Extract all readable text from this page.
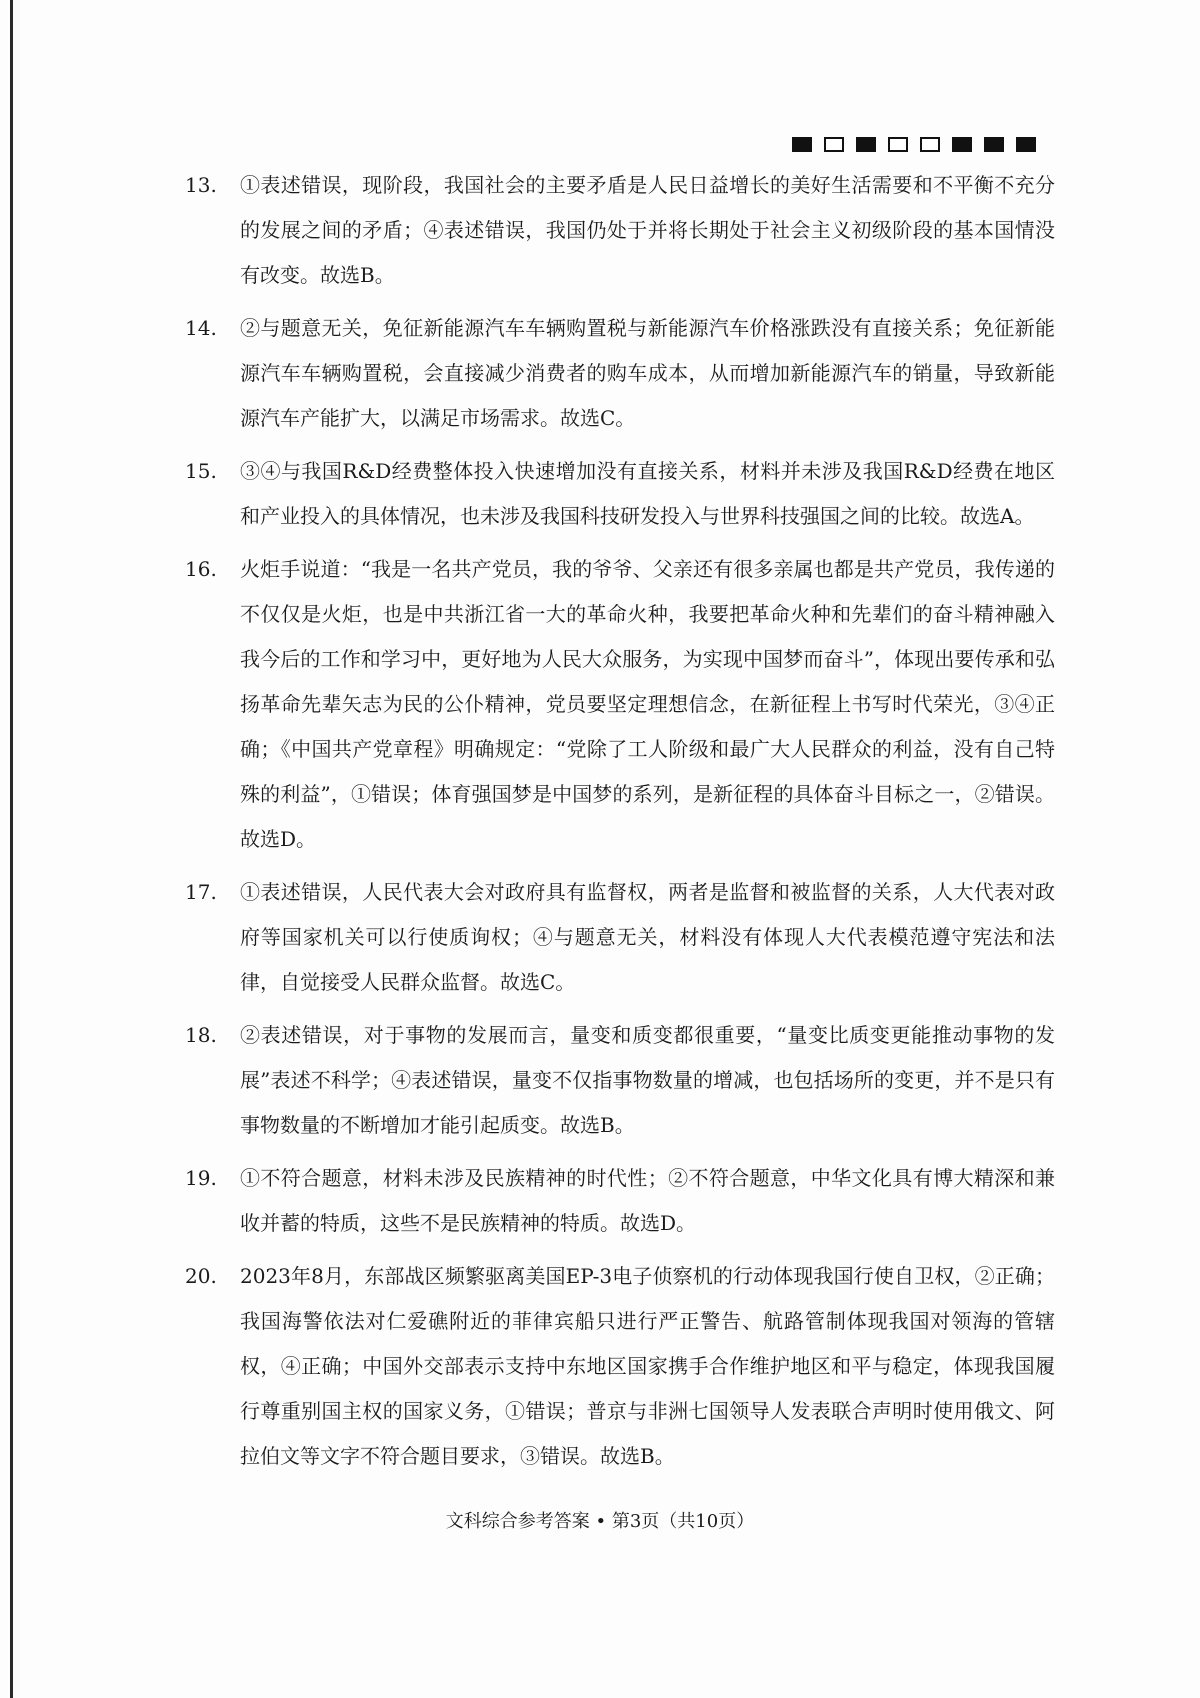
13.	①表述错误，现阶段，我国社会的主要矛盾是人民日益增长的美好生活需要和不平衡不充分的发展之间的矛盾；④表述错误，我国仍处于并将长期处于社会主义初级阶段的基本国情没有改变。故选B。
14.	②与题意无关，免征新能源汽车车辆购置税与新能源汽车价格涨跌没有直接关系；免征新能源汽车车辆购置税，会直接减少消费者的购车成本，从而增加新能源汽车的销量，导致新能源汽车产能扩大，以满足市场需求。故选C。
15.	③④与我国R&D经费整体投入快速增加没有直接关系，材料并未涉及我国R&D经费在地区和产业投入的具体情况，也未涉及我国科技研发投入与世界科技强国之间的比较。故选A。
16.	火炬手说道：“我是一名共产党员，我的爷爷、父亲还有很多亲属也都是共产党员，我传递的不仅仅是火炬，也是中共浙江省一大的革命火种，我要把革命火种和先辈们的奋斗精神融入我今后的工作和学习中，更好地为人民大众服务，为实现中国梦而奋斗”，体现出要传承和弘扬革命先辈矢志为民的公仆精神，党员要坚定理想信念，在新征程上书写时代荣光，③④正确；《中国共产党章程》明确规定：“党除了工人阶级和最广大人民群众的利益，没有自己特殊的利益”，①错误；体育强国梦是中国梦的系列，是新征程的具体奋斗目标之一，②错误。故选D。
17.	①表述错误，人民代表大会对政府具有监督权，两者是监督和被监督的关系，人大代表对政府等国家机关可以行使质询权；④与题意无关，材料没有体现人大代表模范遵守宪法和法律，自觉接受人民群众监督。故选C。
18.	②表述错误，对于事物的发展而言，量变和质变都很重要，“量变比质变更能推动事物的发展”表述不科学；④表述错误，量变不仅指事物数量的增减，也包括场所的变更，并不是只有事物数量的不断增加才能引起质变。故选B。
19.	①不符合题意，材料未涉及民族精神的时代性；②不符合题意，中华文化具有博大精深和兼收并蓄的特质，这些不是民族精神的特质。故选D。
20.	2023年8月，东部战区频繁驱离美国EP-3电子侦察机的行动体现我国行使自卫权，②正确；我国海警依法对仁爱礁附近的菲律宾船只进行严正警告、航路管制体现我国对领海的管辖权，④正确；中国外交部表示支持中东地区国家携手合作维护地区和平与稳定，体现我国履行尊重别国主权的国家义务，①错误；普京与非洲七国领导人发表联合声明时使用俄文、阿拉伯文等文字不符合题目要求，③错误。故选B。
文科综合参考答案 • 第3页（共10页）
